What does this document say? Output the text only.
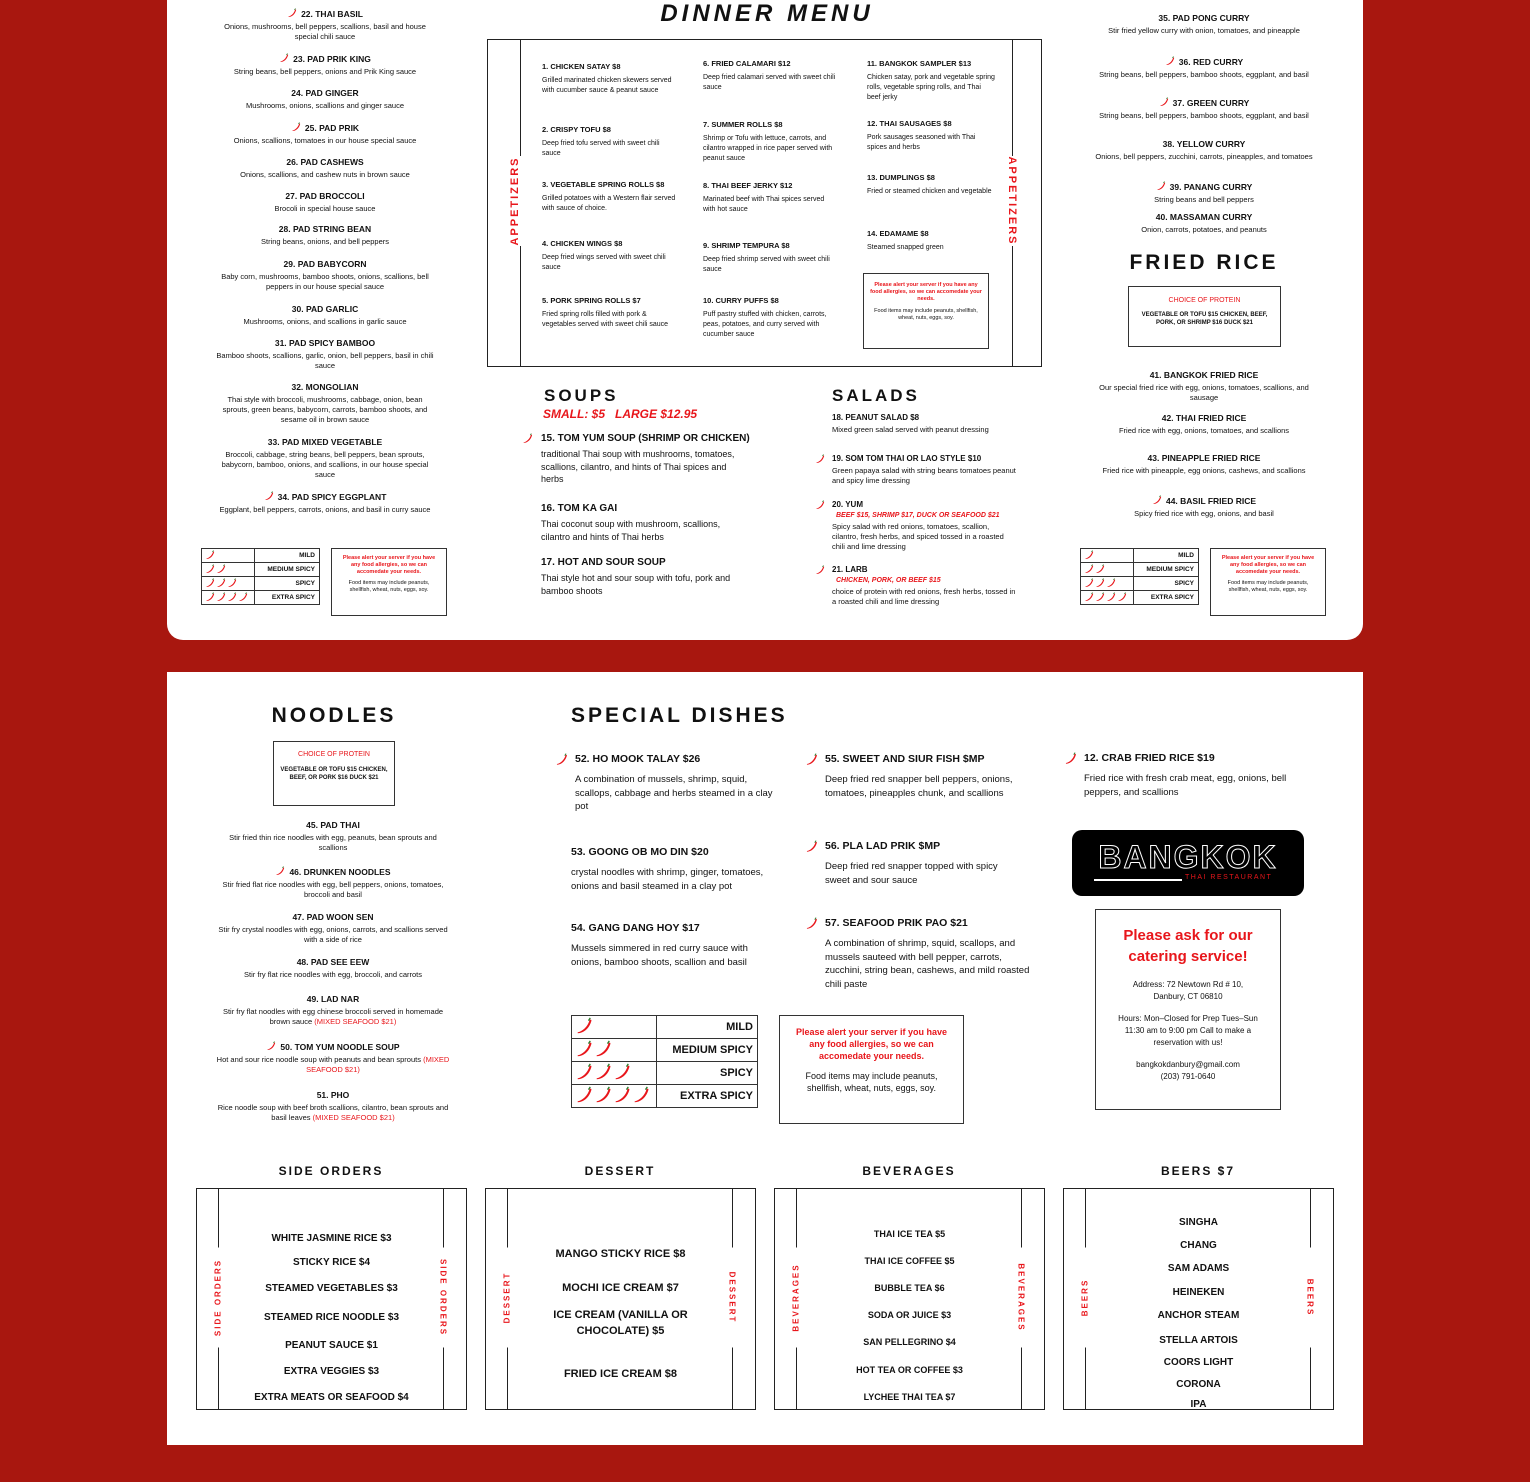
22. THAI BASIL
Onions, mushrooms, bell peppers, scallions, basil and house special chili sauce
23. PAD PRIK KING
String beans, bell peppers, onions and Prik King sauce
24. PAD GINGER
Mushrooms, onions, scallions and ginger sauce
25. PAD PRIK
Onions, scallions, tomatoes in our house special sauce
26. PAD CASHEWS
Onions, scallions, and cashew nuts in brown sauce
27. PAD BROCCOLI
Brocoli in special house sauce
28. PAD STRING BEAN
String beans, onions, and bell peppers
29. PAD BABYCORN
Baby corn, mushrooms, bamboo shoots, onions, scallions, bell peppers in our house special sauce
30. PAD GARLIC
Mushrooms, onions, and scallions in garlic sauce
31. PAD SPICY BAMBOO
Bamboo shoots, scallions, garlic, onion, bell peppers, basil in chili sauce
32. MONGOLIAN
Thai style with broccoli, mushrooms, cabbage, onion, bean sprouts, green beans, babycorn, carrots, bamboo shoots, and sesame oil in brown sauce
33. PAD MIXED VEGETABLE
Broccoli, cabbage, string beans, bell peppers, bean sprouts, babycorn, bamboo, onions, and scallions, in our house special sauce
34. PAD SPICY EGGPLANT
Eggplant, bell peppers, carrots, onions, and basil in curry sauce
	MILD

	MEDIUM SPICY

	SPICY

	EXTRA SPICY
Please alert your server if you have any food allergies, so we can accomedate your needs.
Food items may include peanuts, shellfish, wheat, nuts, eggs, soy.
DINNER MENU
APPETIZERS	APPETIZERS
1. CHICKEN SATAY $8
Grilled marinated chicken skewers served with cucumber sauce & peanut sauce
2. CRISPY TOFU $8
Deep fried tofu served with sweet chili sauce
3. VEGETABLE SPRING ROLLS $8
Grilled potatoes with a Western flair served with sauce of choice.
4. CHICKEN WINGS $8
Deep fried wings served with sweet chili sauce
5. PORK SPRING ROLLS $7
Fried spring rolls filled with pork & vegetables served with sweet chili sauce
6. FRIED CALAMARI $12
Deep fried calamari served with sweet chili sauce
7. SUMMER ROLLS $8
Shrimp or Tofu with lettuce, carrots, and cilantro wrapped in rice paper served with peanut sauce
8. THAI BEEF JERKY $12
Marinated beef with Thai spices served with hot sauce
9. SHRIMP TEMPURA $8
Deep fried shrimp served with sweet chili sauce
10. CURRY PUFFS $8
Puff pastry stuffed with chicken, carrots, peas, potatoes, and curry served with cucumber sauce
11. BANGKOK SAMPLER $13
Chicken satay, pork and vegetable spring rolls, vegetable spring rolls, and Thai beef jerky
12. THAI SAUSAGES $8
Pork sausages seasoned with Thai spices and herbs
13. DUMPLINGS $8
Fried or steamed chicken and vegetable
14. EDAMAME $8
Steamed snapped green
Please alert your server if you have any food allergies, so we can accomedate your needs.
Food items may include peanuts, shellfish, wheat, nuts, eggs, soy.
SOUPS
SMALL: $5   LARGE $12.95
15. TOM YUM SOUP (SHRIMP OR CHICKEN)
traditional Thai soup with mushrooms, tomatoes, scallions, cilantro, and hints of Thai spices and herbs
16. TOM KA GAI
Thai coconut soup with mushroom, scallions, cilantro and hints of Thai herbs
17. HOT AND SOUR SOUP
Thai style hot and sour soup with tofu, pork and bamboo shoots
SALADS
18. PEANUT SALAD $8
Mixed green salad served with peanut dressing
19. SOM TOM THAI OR LAO STYLE $10
Green papaya salad with string beans tomatoes peanut and spicy lime dressing
20. YUM
BEEF $15, SHRIMP $17, DUCK OR SEAFOOD $21
Spicy salad with red onions, tomatoes, scallion, cilantro, fresh herbs, and spiced tossed in a roasted chili and lime dressing
21. LARB
CHICKEN, PORK, OR BEEF $15
choice of protein with red onions, fresh herbs, tossed in a roasted chili and lime dressing
35. PAD PONG CURRY
Stir fried yellow curry with onion, tomatoes, and pineapple
36. RED CURRY
String beans, bell peppers, bamboo shoots, eggplant, and basil
37. GREEN CURRY
String beans, bell peppers, bamboo shoots, eggplant, and basil
38. YELLOW CURRY
Onions, bell peppers, zucchini, carrots, pineapples, and tomatoes
39. PANANG CURRY
String beans and bell peppers
40. MASSAMAN CURRY
Onion, carrots, potatoes, and peanuts
FRIED RICE
CHOICE OF PROTEIN
VEGETABLE OR TOFU $15 CHICKEN, BEEF, PORK, OR SHRIMP $16 DUCK $21
41. BANGKOK FRIED RICE
Our special fried rice with egg, onions, tomatoes, scallions, and sausage
42. THAI FRIED RICE
Fried rice with egg, onions, tomatoes, and scallions
43. PINEAPPLE FRIED RICE
Fried rice with pineapple, egg onions, cashews, and scallions
44. BASIL FRIED RICE
Spicy fried rice with egg, onions, and basil
	MILD

	MEDIUM SPICY

	SPICY

	EXTRA SPICY
Please alert your server if you have any food allergies, so we can accomedate your needs.
Food items may include peanuts, shellfish, wheat, nuts, eggs, soy.
NOODLES
CHOICE OF PROTEIN
VEGETABLE OR TOFU $15 CHICKEN, BEEF, OR PORK $16 DUCK $21
45. PAD THAI
Stir fried thin rice noodles with egg, peanuts, bean sprouts and scallions
46. DRUNKEN NOODLES
Stir fried flat rice noodles with egg, bell peppers, onions, tomatoes, broccoli and basil
47. PAD WOON SEN
Stir fry crystal noodles with egg, onions, carrots, and scallions served with a side of rice
48. PAD SEE EEW
Stir fry flat rice noodles with egg, broccoli, and carrots
49. LAD NAR
Stir fry flat noodles with egg chinese broccoli served in homemade brown sauce (MIXED SEAFOOD $21)
50. TOM YUM NOODLE SOUP
Hot and sour rice noodle soup with peanuts and bean sprouts (MIXED SEAFOOD $21)
51. PHO
Rice noodle soup with beef broth scallions, cilantro, bean sprouts and basil leaves (MIXED SEAFOOD $21)
SPECIAL DISHES
52. HO MOOK TALAY $26
A combination of mussels, shrimp, squid, scallops, cabbage and herbs steamed in a clay pot
53. GOONG OB MO DIN $20
crystal noodles with shrimp, ginger, tomatoes, onions and basil steamed in a clay pot
54. GANG DANG HOY $17
Mussels simmered in red curry sauce with onions, bamboo shoots, scallion and basil
55. SWEET AND SIUR FISH $MP
Deep fried red snapper bell peppers, onions, tomatoes, pineapples chunk, and scallions
56. PLA LAD PRIK $MP
Deep fried red snapper topped with spicy sweet and sour sauce
57. SEAFOOD PRIK PAO $21
A combination of shrimp, squid, scallops, and mussels sauteed with bell pepper, carrots, zucchini, string bean, cashews, and mild roasted chili paste
12. CRAB FRIED RICE $19
Fried rice with fresh crab meat, egg, onions, bell peppers, and scallions
	MILD

	MEDIUM SPICY

	SPICY

	EXTRA SPICY
Please alert your server if you have any food allergies, so we can accomedate your needs.
Food items may include peanuts, shellfish, wheat, nuts, eggs, soy.
BANGKOK
THAI RESTAURANT
Please ask for our catering service!
Address: 72 Newtown Rd # 10, Danbury, CT 06810
Hours: Mon–Closed for Prep Tues–Sun 11:30 am to 9:00 pm Call to make a reservation with us!
bangkokdanbury@gmail.com
(203) 791-0640
SIDE ORDERS
SIDE ORDERS	SIDE ORDERS
WHITE JASMINE RICE $3
STICKY RICE $4
STEAMED VEGETABLES $3
STEAMED RICE NOODLE $3
PEANUT SAUCE $1
EXTRA VEGGIES $3
EXTRA MEATS OR SEAFOOD $4
DESSERT
DESSERT	DESSERT
MANGO STICKY RICE $8
MOCHI ICE CREAM $7
ICE CREAM (VANILLA OR CHOCOLATE) $5
FRIED ICE CREAM $8
BEVERAGES
BEVERAGES	BEVERAGES
THAI ICE TEA $5
THAI ICE COFFEE $5
BUBBLE TEA $6
SODA OR JUICE $3
SAN PELLEGRINO $4
HOT TEA OR COFFEE $3
LYCHEE THAI TEA $7
BEERS $7
BEERS	BEERS
SINGHA
CHANG
SAM ADAMS
HEINEKEN
ANCHOR STEAM
STELLA ARTOIS
COORS LIGHT
CORONA
IPA
